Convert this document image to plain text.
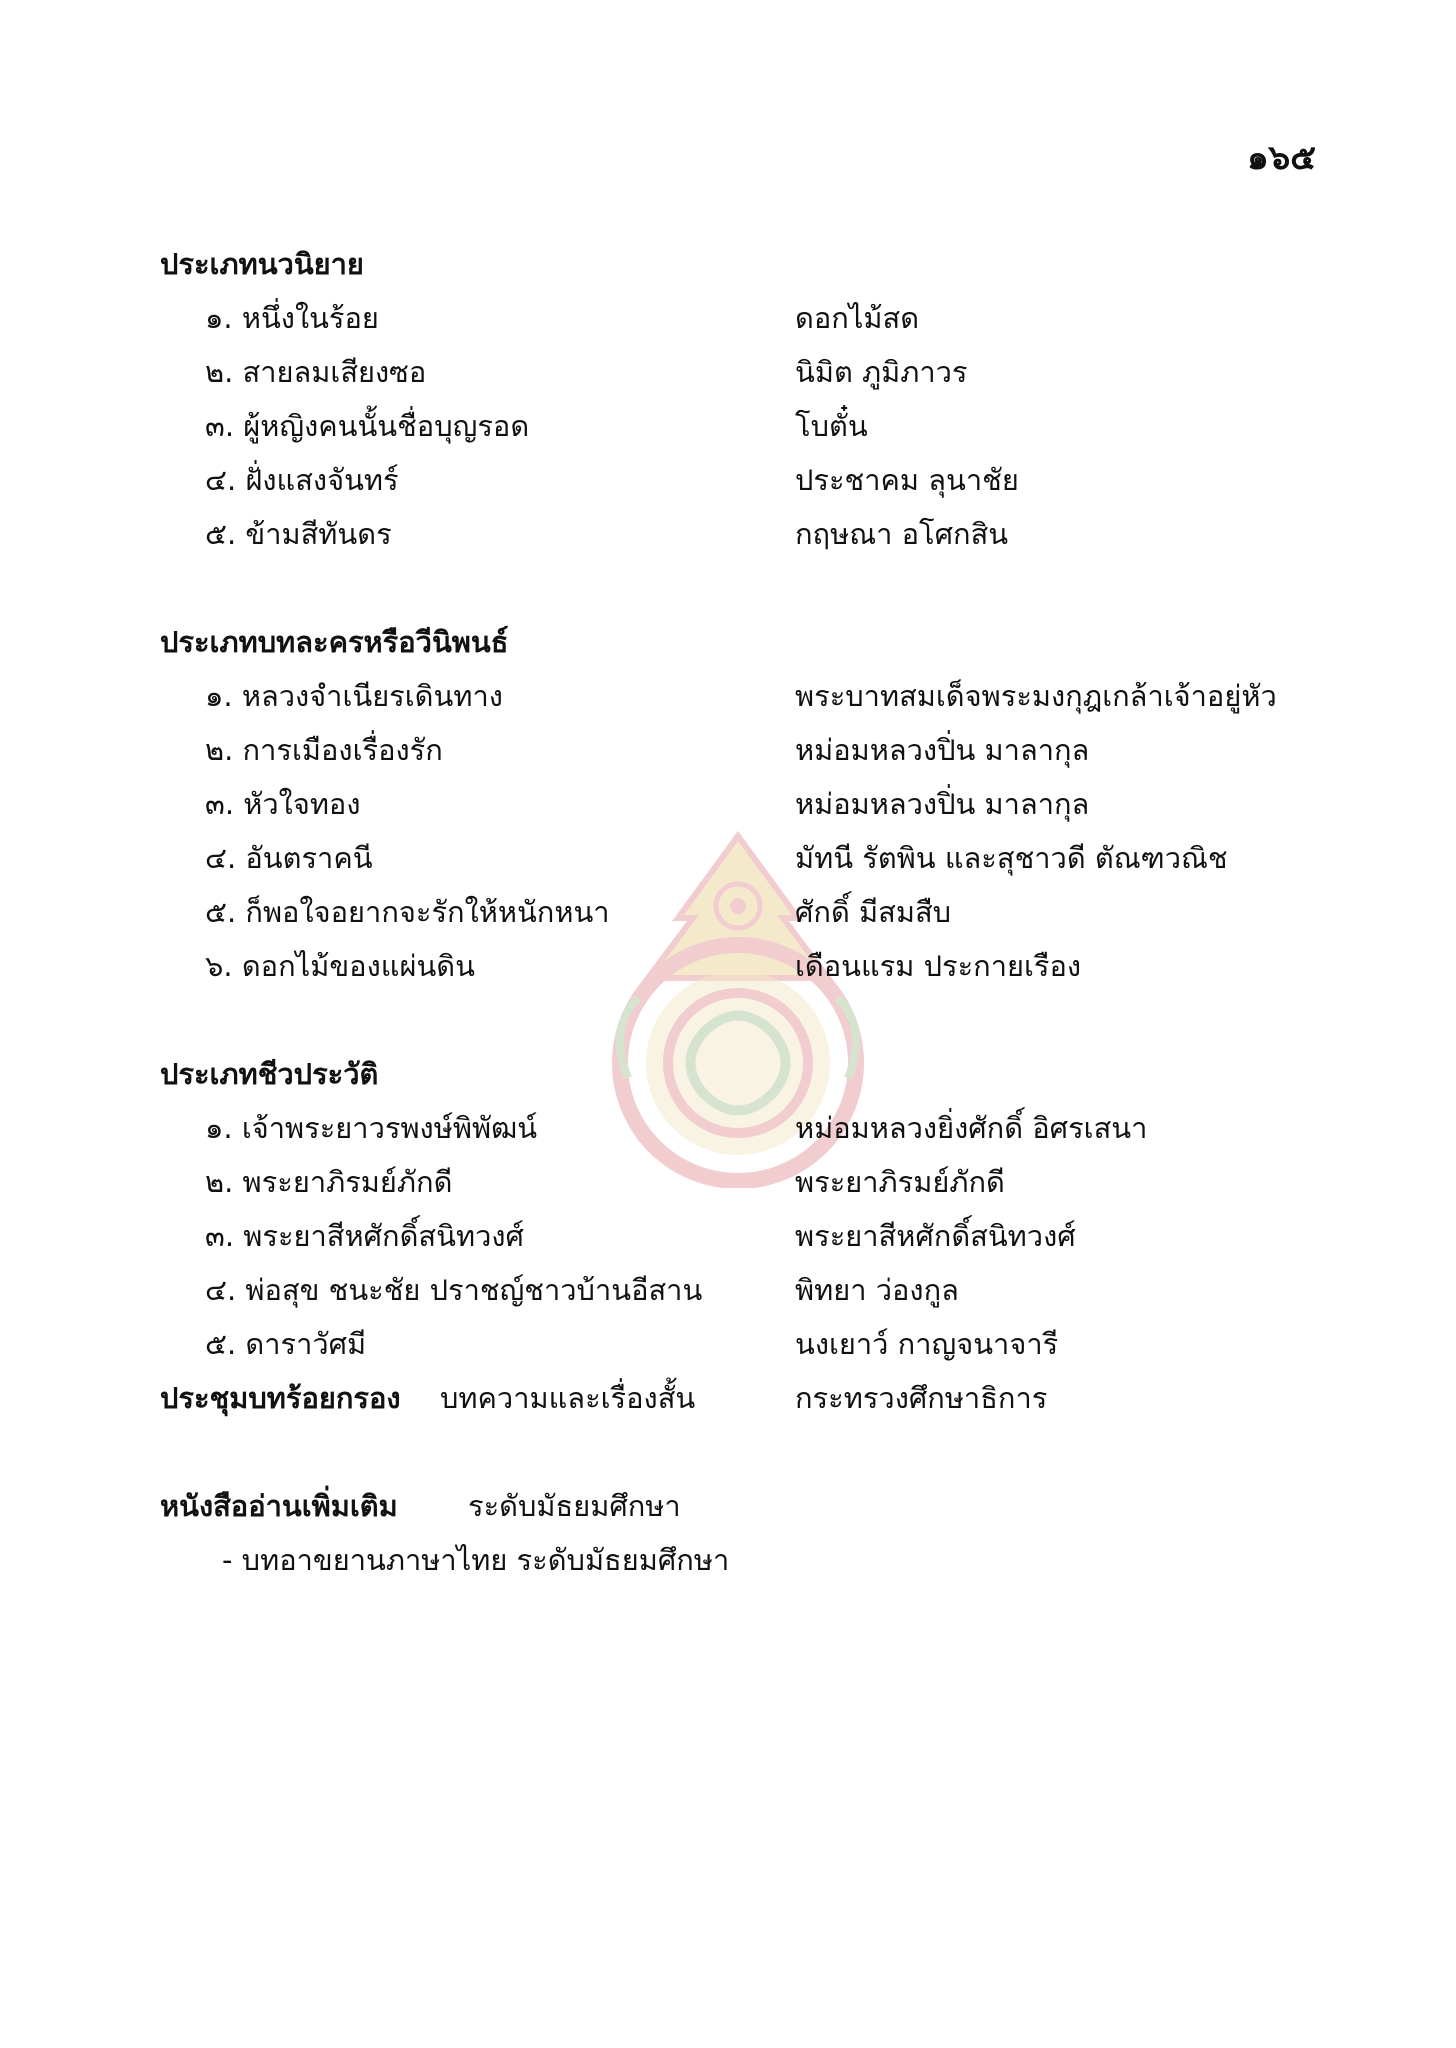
๑๖๕
ประเภทนวนิยาย
๑. หนึ่งในร้อย	ดอกไม้สด
๒. สายลมเสียงซอ	นิมิต ภูมิภาวร
๓. ผู้หญิงคนนั้นชื่อบุญรอด	โบตั๋น
๔. ฝั่งแสงจันทร์	ประชาคม ลุนาชัย
๕. ข้ามสีทันดร	กฤษณา อโศกสิน
ประเภทบทละครหรือวีนิพนธ์
๑. หลวงจำเนียรเดินทาง	พระบาทสมเด็จพระมงกุฎเกล้าเจ้าอยู่หัว
๒. การเมืองเรื่องรัก	หม่อมหลวงปิ่น มาลากุล
๓. หัวใจทอง	หม่อมหลวงปิ่น มาลากุล
๔. อันตราคนี	มัทนี รัตพิน และสุชาวดี ตัณฑวณิช
๕. ก็พอใจอยากจะรักให้หนักหนา	ศักดิ์ มีสมสืบ
๖. ดอกไม้ของแผ่นดิน	เดือนแรม ประกายเรือง
ประเภทชีวประวัติ
๑. เจ้าพระยาวรพงษ์พิพัฒน์	หม่อมหลวงยิ่งศักดิ์ อิศรเสนา
๒. พระยาภิรมย์ภักดี	พระยาภิรมย์ภักดี
๓. พระยาสีหศักดิ์สนิทวงศ์	พระยาสีหศักดิ์สนิทวงศ์
๔. พ่อสุข ชนะชัย ปราชญ์ชาวบ้านอีสาน	พิทยา ว่องกูล
๕. ดาราวัศมี	นงเยาว์ กาญจนาจารี
ประชุมบทร้อยกรอง บทความและเรื่องสั้น	กระทรวงศึกษาธิการ
หนังสืออ่านเพิ่มเติม ระดับมัธยมศึกษา
- บทอาขยานภาษาไทย ระดับมัธยมศึกษา
